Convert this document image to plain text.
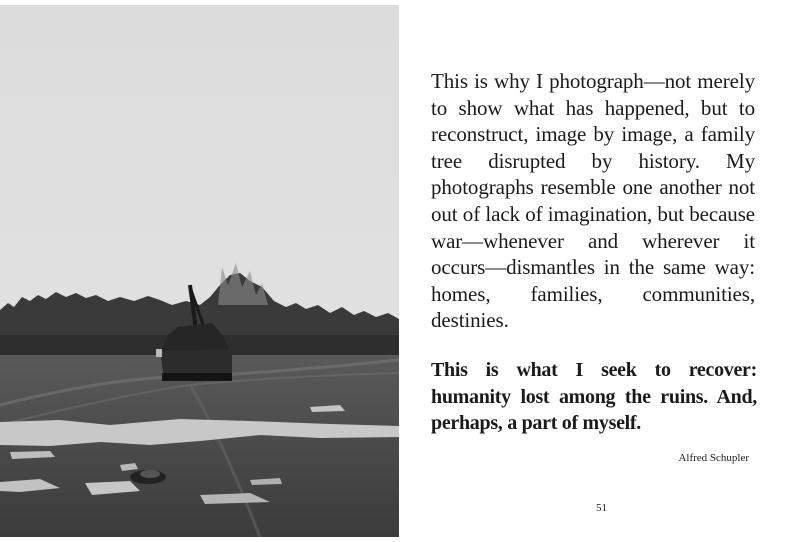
This is why I photograph—not merely to show what has happened, but to reconstruct, image by image, a family tree disrupted by history. My photographs resemble one another not out of lack of imagination, but because war—whenever and wherever it occurs—dismantles in the same way: homes, families, communities, destinies.

This is what I seek to recover: humanity lost among the ruins. And, perhaps, a part of myself.

Alfred Schupler
51
